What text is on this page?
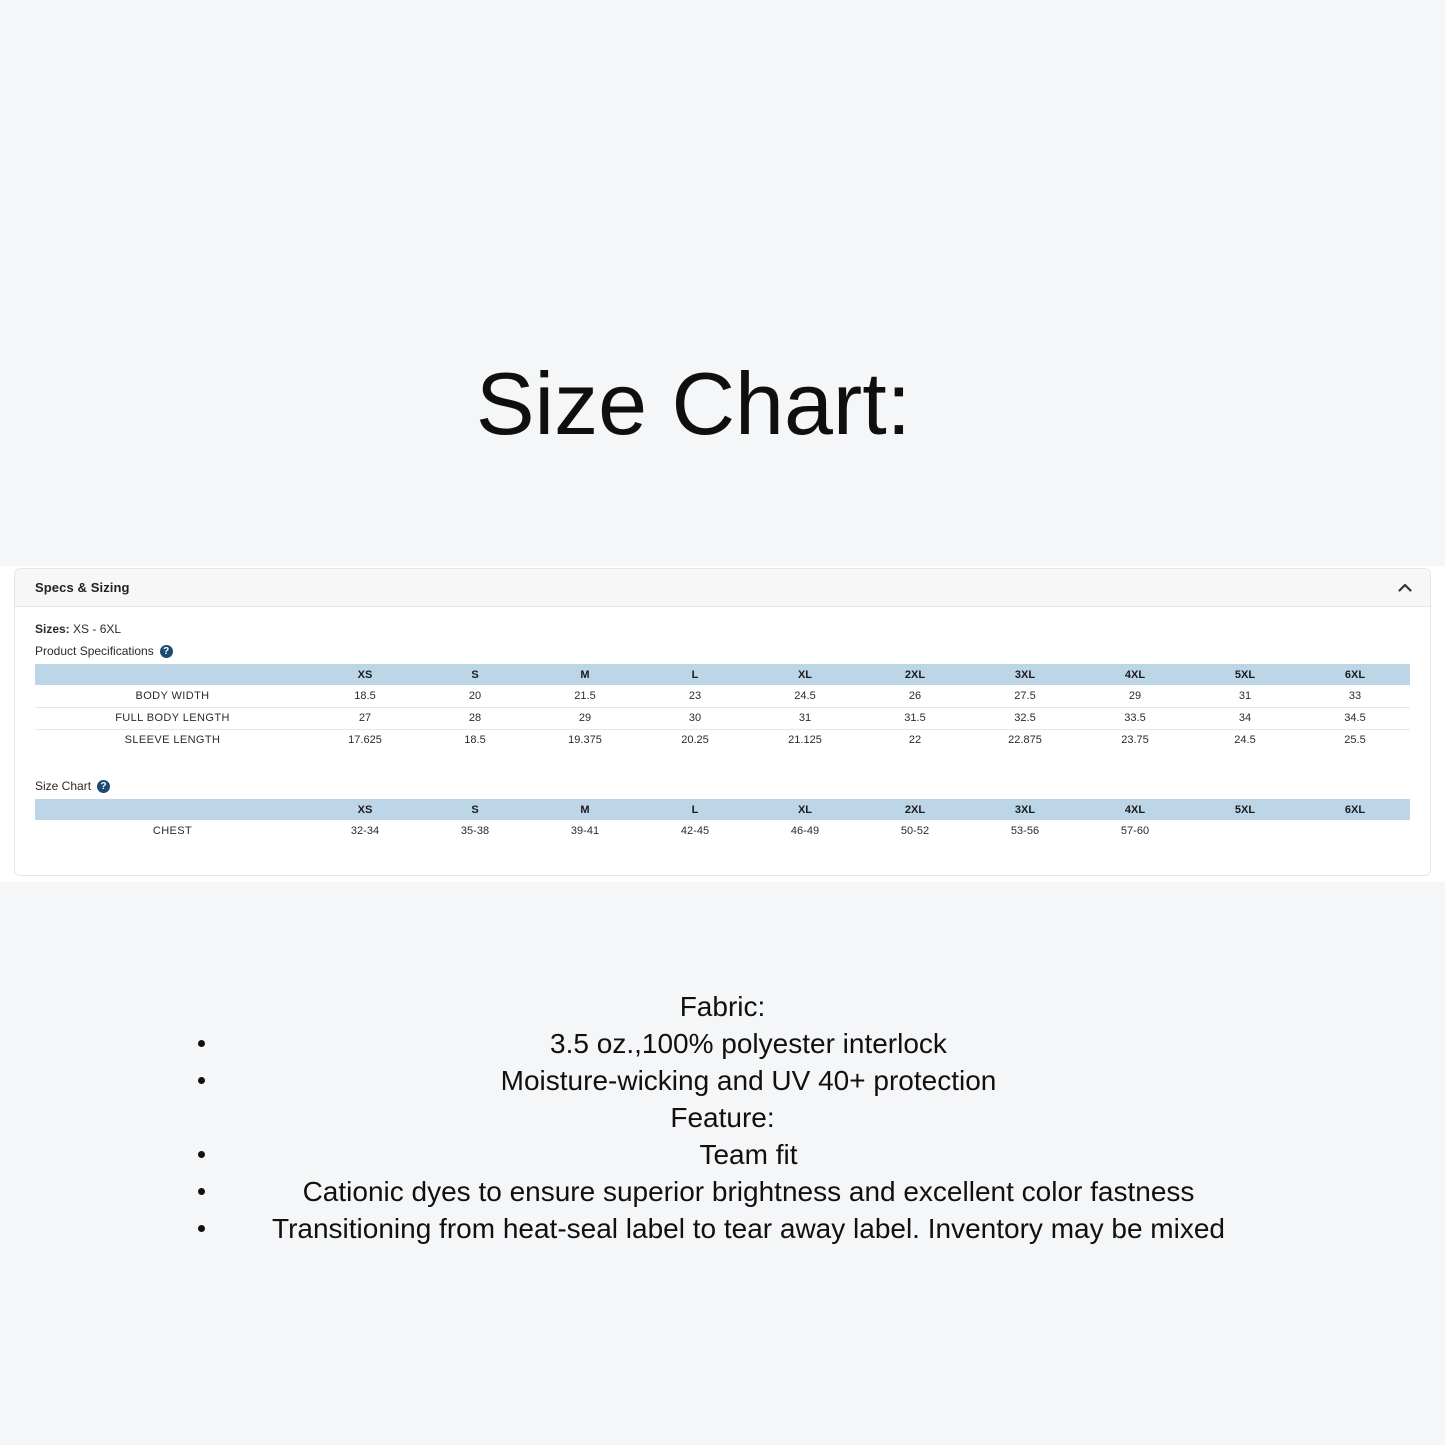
Size Chart:
Specs & Sizing
Sizes: XS - 6XL
Product Specifications ?
	XS	S	M	L	XL	2XL	3XL	4XL	5XL	6XL
BODY WIDTH	18.5	20	21.5	23	24.5	26	27.5	29	31	33
FULL BODY LENGTH	27	28	29	30	31	31.5	32.5	33.5	34	34.5
SLEEVE LENGTH	17.625	18.5	19.375	20.25	21.125	22	22.875	23.75	24.5	25.5
Size Chart ?
	XS	S	M	L	XL	2XL	3XL	4XL	5XL	6XL
CHEST	32-34	35-38	39-41	42-45	46-49	50-52	53-56	57-60		
Fabric:
3.5 oz.,100% polyester interlock
Moisture-wicking and UV 40+ protection
Feature:
Team fit
Cationic dyes to ensure superior brightness and excellent color fastness
Transitioning from heat-seal label to tear away label. Inventory may be mixed
